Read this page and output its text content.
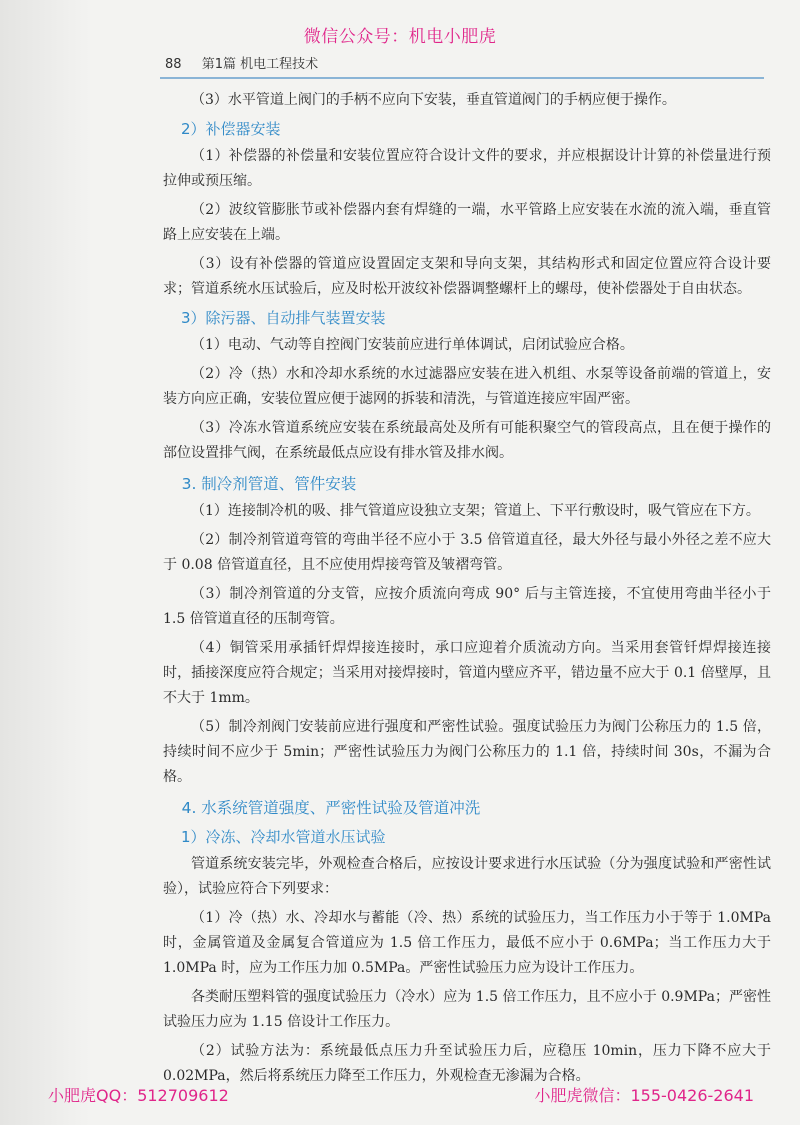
微信公众号：机电小肥虎
88 第1篇 机电工程技术

（3）水平管道上阀门的手柄不应向下安装，垂直管道阀门的手柄应便于操作。

2）补偿器安装

（1）补偿器的补偿量和安装位置应符合设计文件的要求，并应根据设计计算的补偿量进行预拉伸或预压缩。

（2）波纹管膨胀节或补偿器内套有焊缝的一端，水平管路上应安装在水流的流入端，垂直管路上应安装在上端。

（3）设有补偿器的管道应设置固定支架和导向支架，其结构形式和固定位置应符合设计要求；管道系统水压试验后，应及时松开波纹补偿器调整螺杆上的螺母，使补偿器处于自由状态。

3）除污器、自动排气装置安装

（1）电动、气动等自控阀门安装前应进行单体调试，启闭试验应合格。

（2）冷（热）水和冷却水系统的水过滤器应安装在进入机组、水泵等设备前端的管道上，安装方向应正确，安装位置应便于滤网的拆装和清洗，与管道连接应牢固严密。

（3）冷冻水管道系统应安装在系统最高处及所有可能积聚空气的管段高点，且在便于操作的部位设置排气阀，在系统最低点应设有排水管及排水阀。

3. 制冷剂管道、管件安装

（1）连接制冷机的吸、排气管道应设独立支架；管道上、下平行敷设时，吸气管应在下方。

（2）制冷剂管道弯管的弯曲半径不应小于 3.5 倍管道直径，最大外径与最小外径之差不应大于 0.08 倍管道直径，且不应使用焊接弯管及皱褶弯管。

（3）制冷剂管道的分支管，应按介质流向弯成 90° 后与主管连接，不宜使用弯曲半径小于 1.5 倍管道直径的压制弯管。

（4）铜管采用承插钎焊焊接连接时，承口应迎着介质流动方向。当采用套管钎焊焊接连接时，插接深度应符合规定；当采用对接焊接时，管道内壁应齐平，错边量不应大于 0.1 倍壁厚，且不大于 1mm。

（5）制冷剂阀门安装前应进行强度和严密性试验。强度试验压力为阀门公称压力的 1.5 倍，持续时间不应少于 5min；严密性试验压力为阀门公称压力的 1.1 倍，持续时间 30s，不漏为合格。

4. 水系统管道强度、严密性试验及管道冲洗
1）冷冻、冷却水管道水压试验

管道系统安装完毕，外观检查合格后，应按设计要求进行水压试验（分为强度试验和严密性试验），试验应符合下列要求：

（1）冷（热）水、冷却水与蓄能（冷、热）系统的试验压力，当工作压力小于等于 1.0MPa 时，金属管道及金属复合管道应为 1.5 倍工作压力，最低不应小于 0.6MPa；当工作压力大于 1.0MPa 时，应为工作压力加 0.5MPa。严密性试验压力应为设计工作压力。

各类耐压塑料管的强度试验压力（冷水）应为 1.5 倍工作压力，且不应小于 0.9MPa；严密性试验压力应为 1.15 倍设计工作压力。

（2）试验方法为：系统最低点压力升至试验压力后，应稳压 10min，压力下降不应大于 0.02MPa，然后将系统压力降至工作压力，外观检查无渗漏为合格。

小肥虎QQ：512709612	小肥虎微信：155-0426-2641
